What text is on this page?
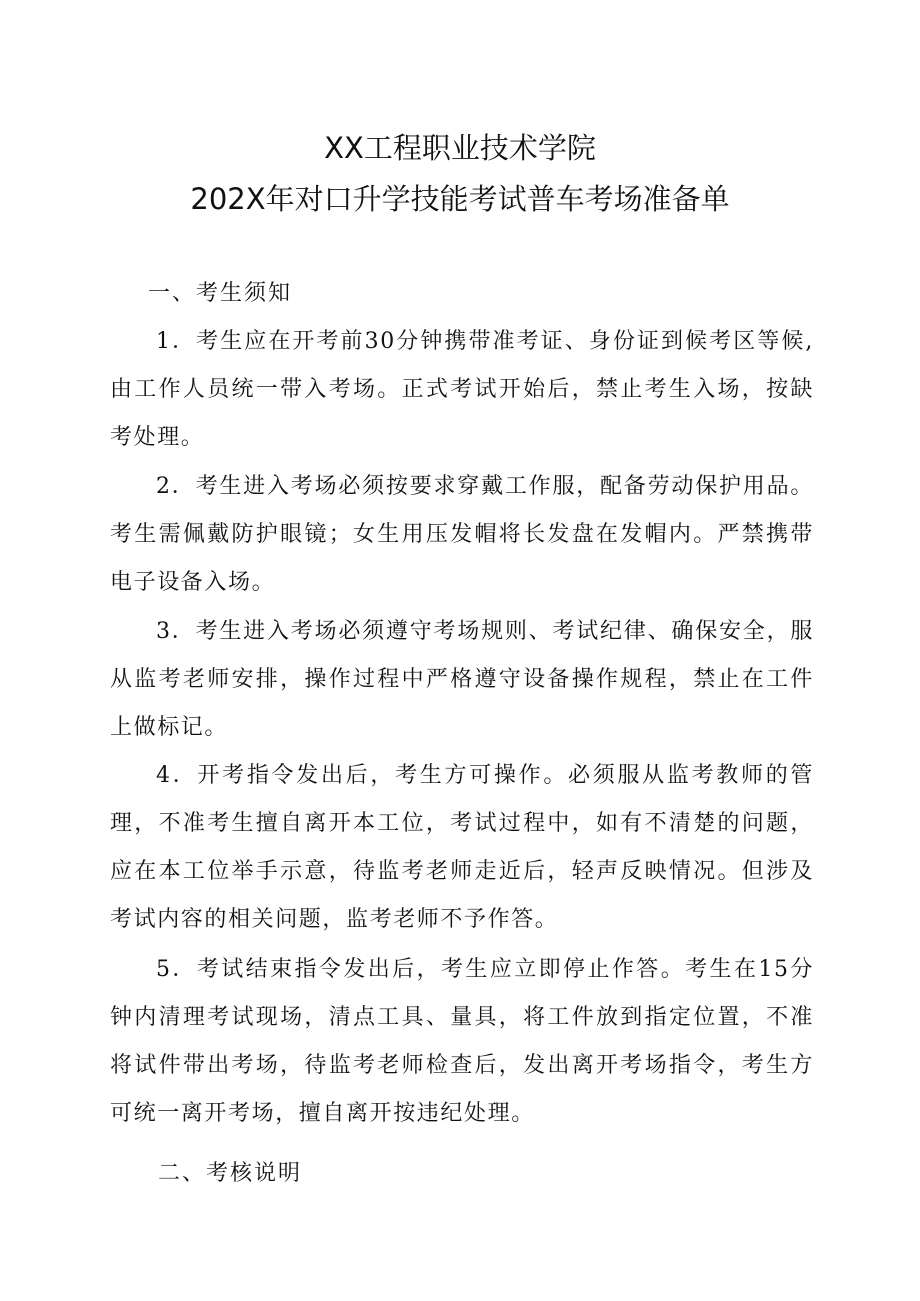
XX工程职业技术学院
202X年对口升学技能考试普车考场准备单
一、考生须知
1．考生应在开考前30分钟携带准考证、身份证到候考区等候,由工作人员统一带入考场。正式考试开始后，禁止考生入场，按缺考处理。
2．考生进入考场必须按要求穿戴工作服，配备劳动保护用品。考生需佩戴防护眼镜；女生用压发帽将长发盘在发帽内。严禁携带电子设备入场。
3．考生进入考场必须遵守考场规则、考试纪律、确保安全，服从监考老师安排，操作过程中严格遵守设备操作规程，禁止在工件上做标记。
4．开考指令发出后，考生方可操作。必须服从监考教师的管理，不准考生擅自离开本工位，考试过程中，如有不清楚的问题，应在本工位举手示意，待监考老师走近后，轻声反映情况。但涉及考试内容的相关问题，监考老师不予作答。
5．考试结束指令发出后，考生应立即停止作答。考生在15分钟内清理考试现场，清点工具、量具，将工件放到指定位置，不准将试件带出考场，待监考老师检查后，发出离开考场指令，考生方可统一离开考场，擅自离开按违纪处理。
二、考核说明
